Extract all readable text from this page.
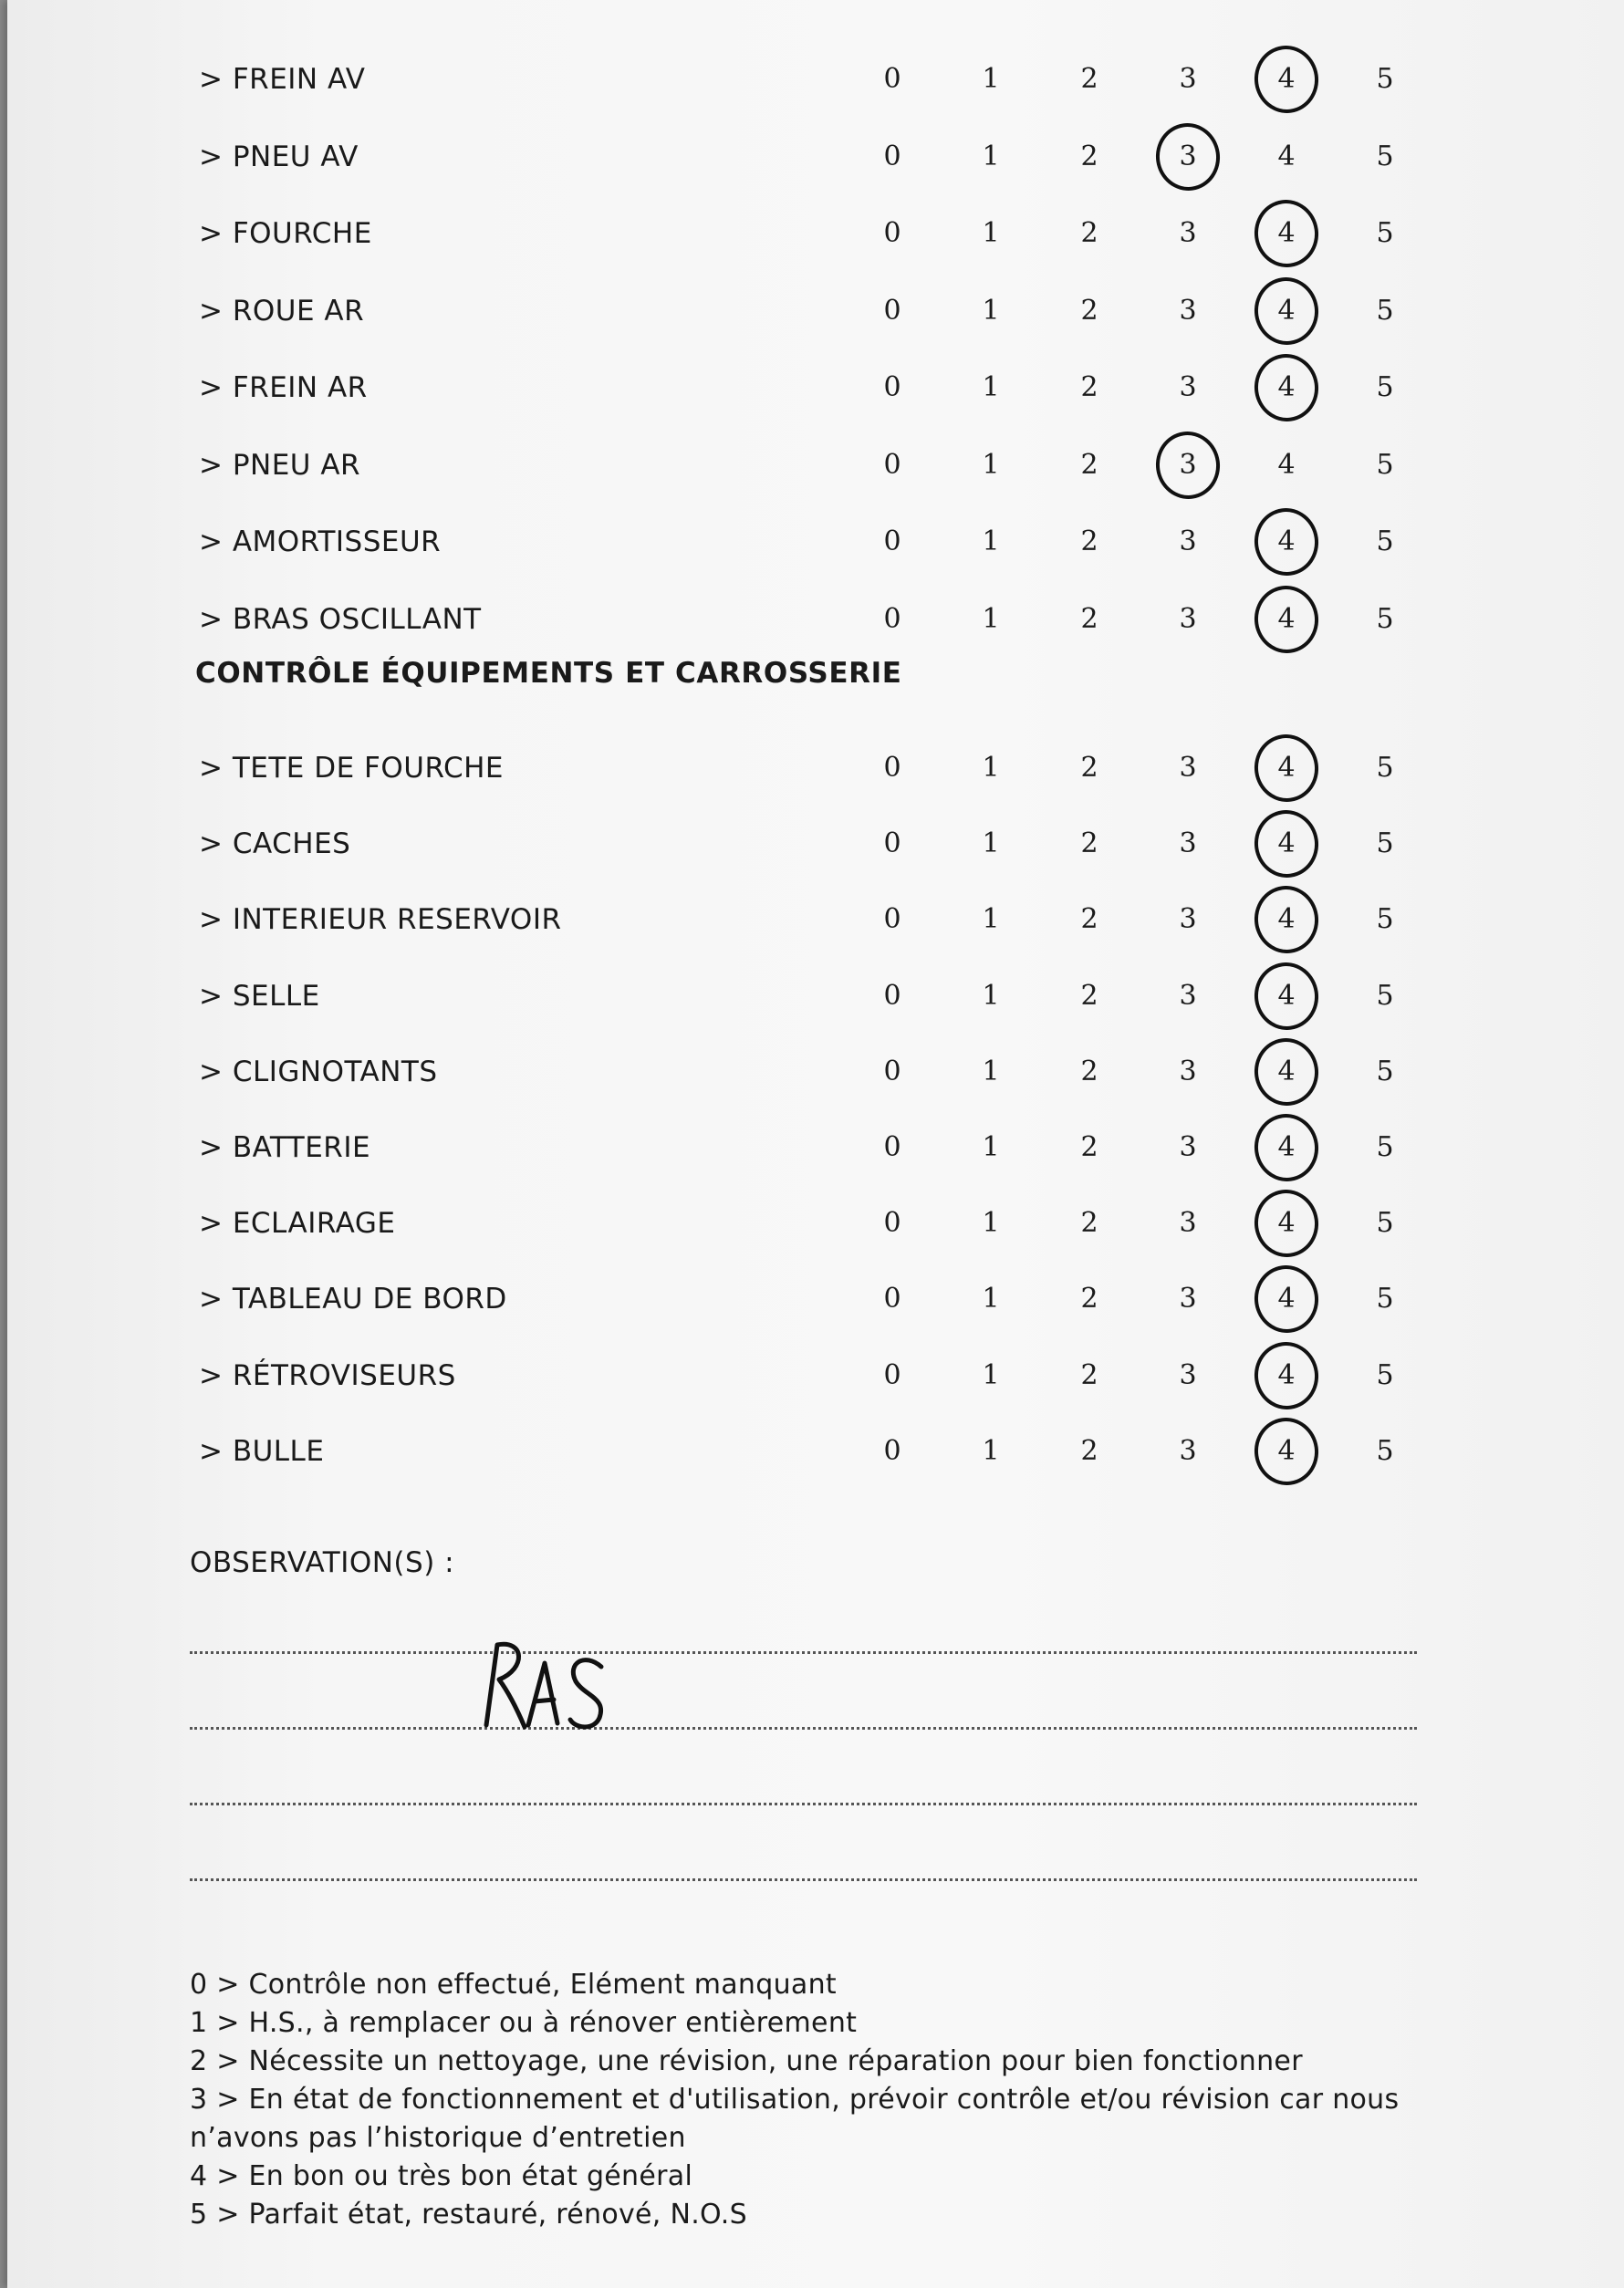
> FREIN AV	0	1	2	3	4	5
> PNEU AV	0	1	2	3	4	5
> FOURCHE	0	1	2	3	4	5
> ROUE AR	0	1	2	3	4	5
> FREIN AR	0	1	2	3	4	5
> PNEU AR	0	1	2	3	4	5
> AMORTISSEUR	0	1	2	3	4	5
> BRAS OSCILLANT	0	1	2	3	4	5
CONTRÔLE ÉQUIPEMENTS ET CARROSSERIE
> TETE DE FOURCHE	0	1	2	3	4	5
> CACHES	0	1	2	3	4	5
> INTERIEUR RESERVOIR	0	1	2	3	4	5
> SELLE	0	1	2	3	4	5
> CLIGNOTANTS	0	1	2	3	4	5
> BATTERIE	0	1	2	3	4	5
> ECLAIRAGE	0	1	2	3	4	5
> TABLEAU DE BORD	0	1	2	3	4	5
> RÉTROVISEURS	0	1	2	3	4	5
> BULLE	0	1	2	3	4	5
OBSERVATION(S) :

0 > Contrôle non effectué, Elément manquant

1 > H.S., à remplacer ou à rénover entièrement

2 > Nécessite un nettoyage, une révision, une réparation pour bien fonctionner

3 > En état de fonctionnement et d'utilisation, prévoir contrôle et/ou révision car nous

n’avons pas l’historique d’entretien

4 > En bon ou très bon état général

5 > Parfait état, restauré, rénové, N.O.S
